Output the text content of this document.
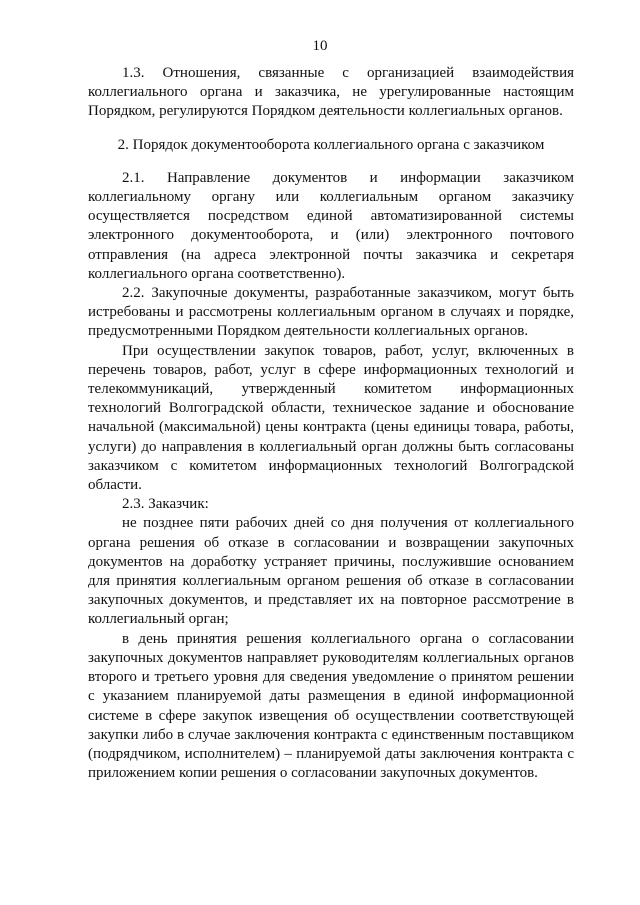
10

1.3. Отношения, связанные с организацией взаимодействия коллегиального органа и заказчика, не урегулированные настоящим Порядком, регулируются Порядком деятельности коллегиальных органов.

2. Порядок документооборота коллегиального органа с заказчиком

2.1. Направление документов и информации заказчиком коллегиальному органу или коллегиальным органом заказчику осуществляется посредством единой автоматизированной системы электронного документооборота, и (или) электронного почтового отправления (на адреса электронной почты заказчика и секретаря коллегиального органа соответственно).

2.2. Закупочные документы, разработанные заказчиком, могут быть истребованы и рассмотрены коллегиальным органом в случаях и порядке, предусмотренными Порядком деятельности коллегиальных органов.

При осуществлении закупок товаров, работ, услуг, включенных в перечень товаров, работ, услуг в сфере информационных технологий и телекоммуникаций, утвержденный комитетом информационных технологий Волгоградской области, техническое задание и обоснование начальной (максимальной) цены контракта (цены единицы товара, работы, услуги) до направления в коллегиальный орган должны быть согласованы заказчиком с комитетом информационных технологий Волгоградской области.

2.3. Заказчик:

не позднее пяти рабочих дней со дня получения от коллегиального органа решения об отказе в согласовании и возвращении закупочных документов на доработку устраняет причины, послужившие основанием для принятия коллегиальным органом решения об отказе в согласовании закупочных документов, и представляет их на повторное рассмотрение в коллегиальный орган;

в день принятия решения коллегиального органа о согласовании закупочных документов направляет руководителям коллегиальных органов второго и третьего уровня для сведения уведомление о принятом решении с указанием планируемой даты размещения в единой информационной системе в сфере закупок извещения об осуществлении соответствующей закупки либо в случае заключения контракта с единственным поставщиком (подрядчиком, исполнителем) – планируемой даты заключения контракта с приложением копии решения о согласовании закупочных документов.
